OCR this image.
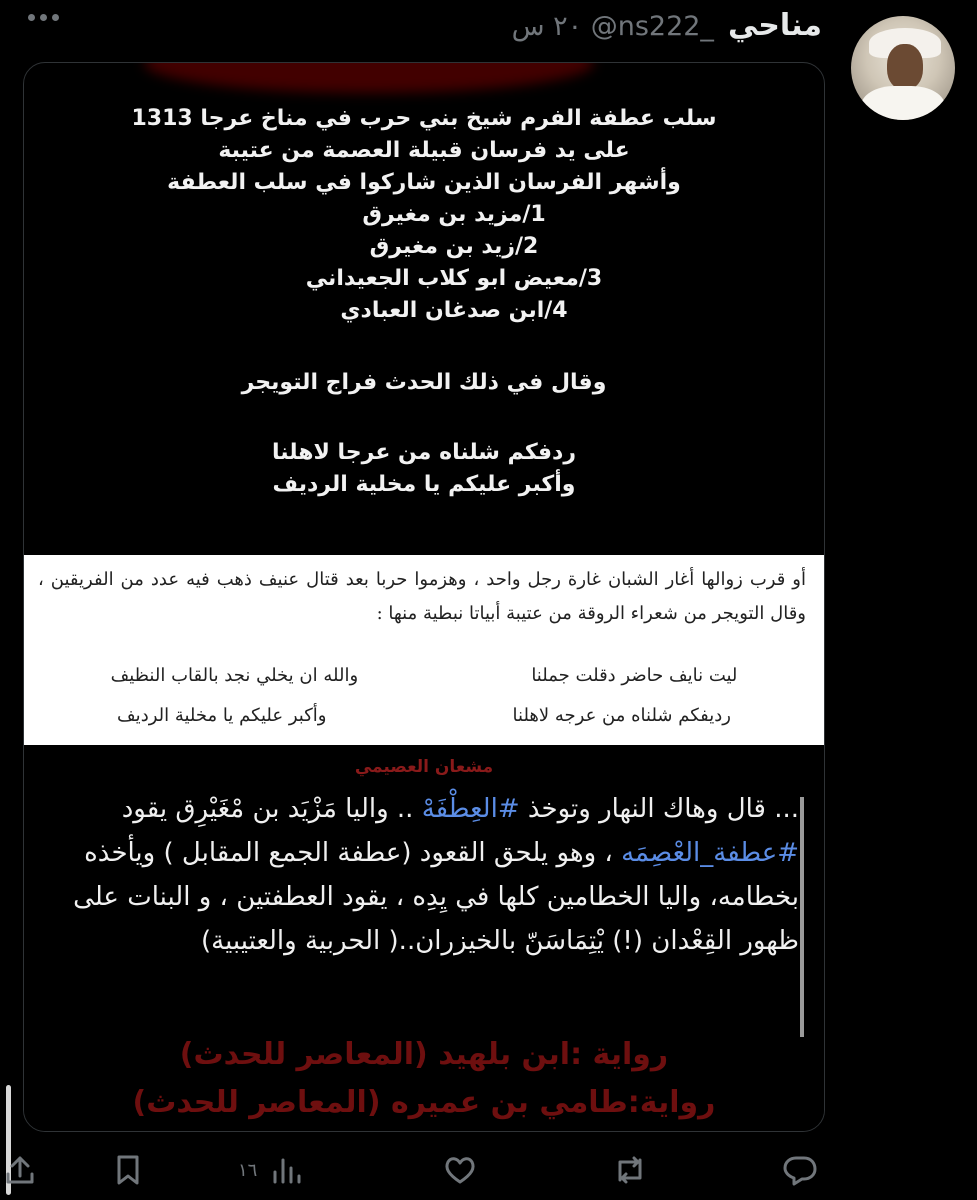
مناحي
٢٠ س @ns222_
سلب عطفة الفرم شيخ بني حرب في مناخ عرجا 1313
على يد فرسان قبيلة العصمة من عتيبة
وأشهر الفرسان الذين شاركوا في سلب العطفة
1/مزيد بن مغيرق
2/زيد بن مغيرق
3/معيض ابو كلاب الجعيداني
4/ابن صدغان العبادي
وقال في ذلك الحدث فراج التويجر
ردفكم شلناه من عرجا لاهلنا
وأكبر عليكم يا مخلية الرديف
أو قرب زوالها أغار الشبان غارة رجل واحد ، وهزموا حربا بعد قتال عنيف ذهب فيه عدد من الفريقين ، وقال التويجر من شعراء الروقة من عتيبة أبياتا نبطية منها :
ليت نايف حاضر دقلت جملنا
والله ان يخلي نجد بالقاب النظيف
رديفكم شلناه من عرجه لاهلنا
وأكبر عليكم يا مخلية الرديف
مشعان العصيمي
... قال وهاك النهار وتوخذ #العِطْفَهْ .. واليا مَزْيَد بن مْغَيْرِق يقود #عطفة_العْصِمَه ، وهو يلحق القعود (عطفة الجمع المقابل ) ويأخذه بخطامه، واليا الخطامين كلها في يِدِه ، يقود العطفتين ، و البنات على ظهور القِعْدان (!) يْتِمَاسَنّ بالخيزران..( الحربية والعتيبية)
رواية :ابن بلهيد (المعاصر للحدث)
رواية:طامي بن عميره (المعاصر للحدث)
١٦
